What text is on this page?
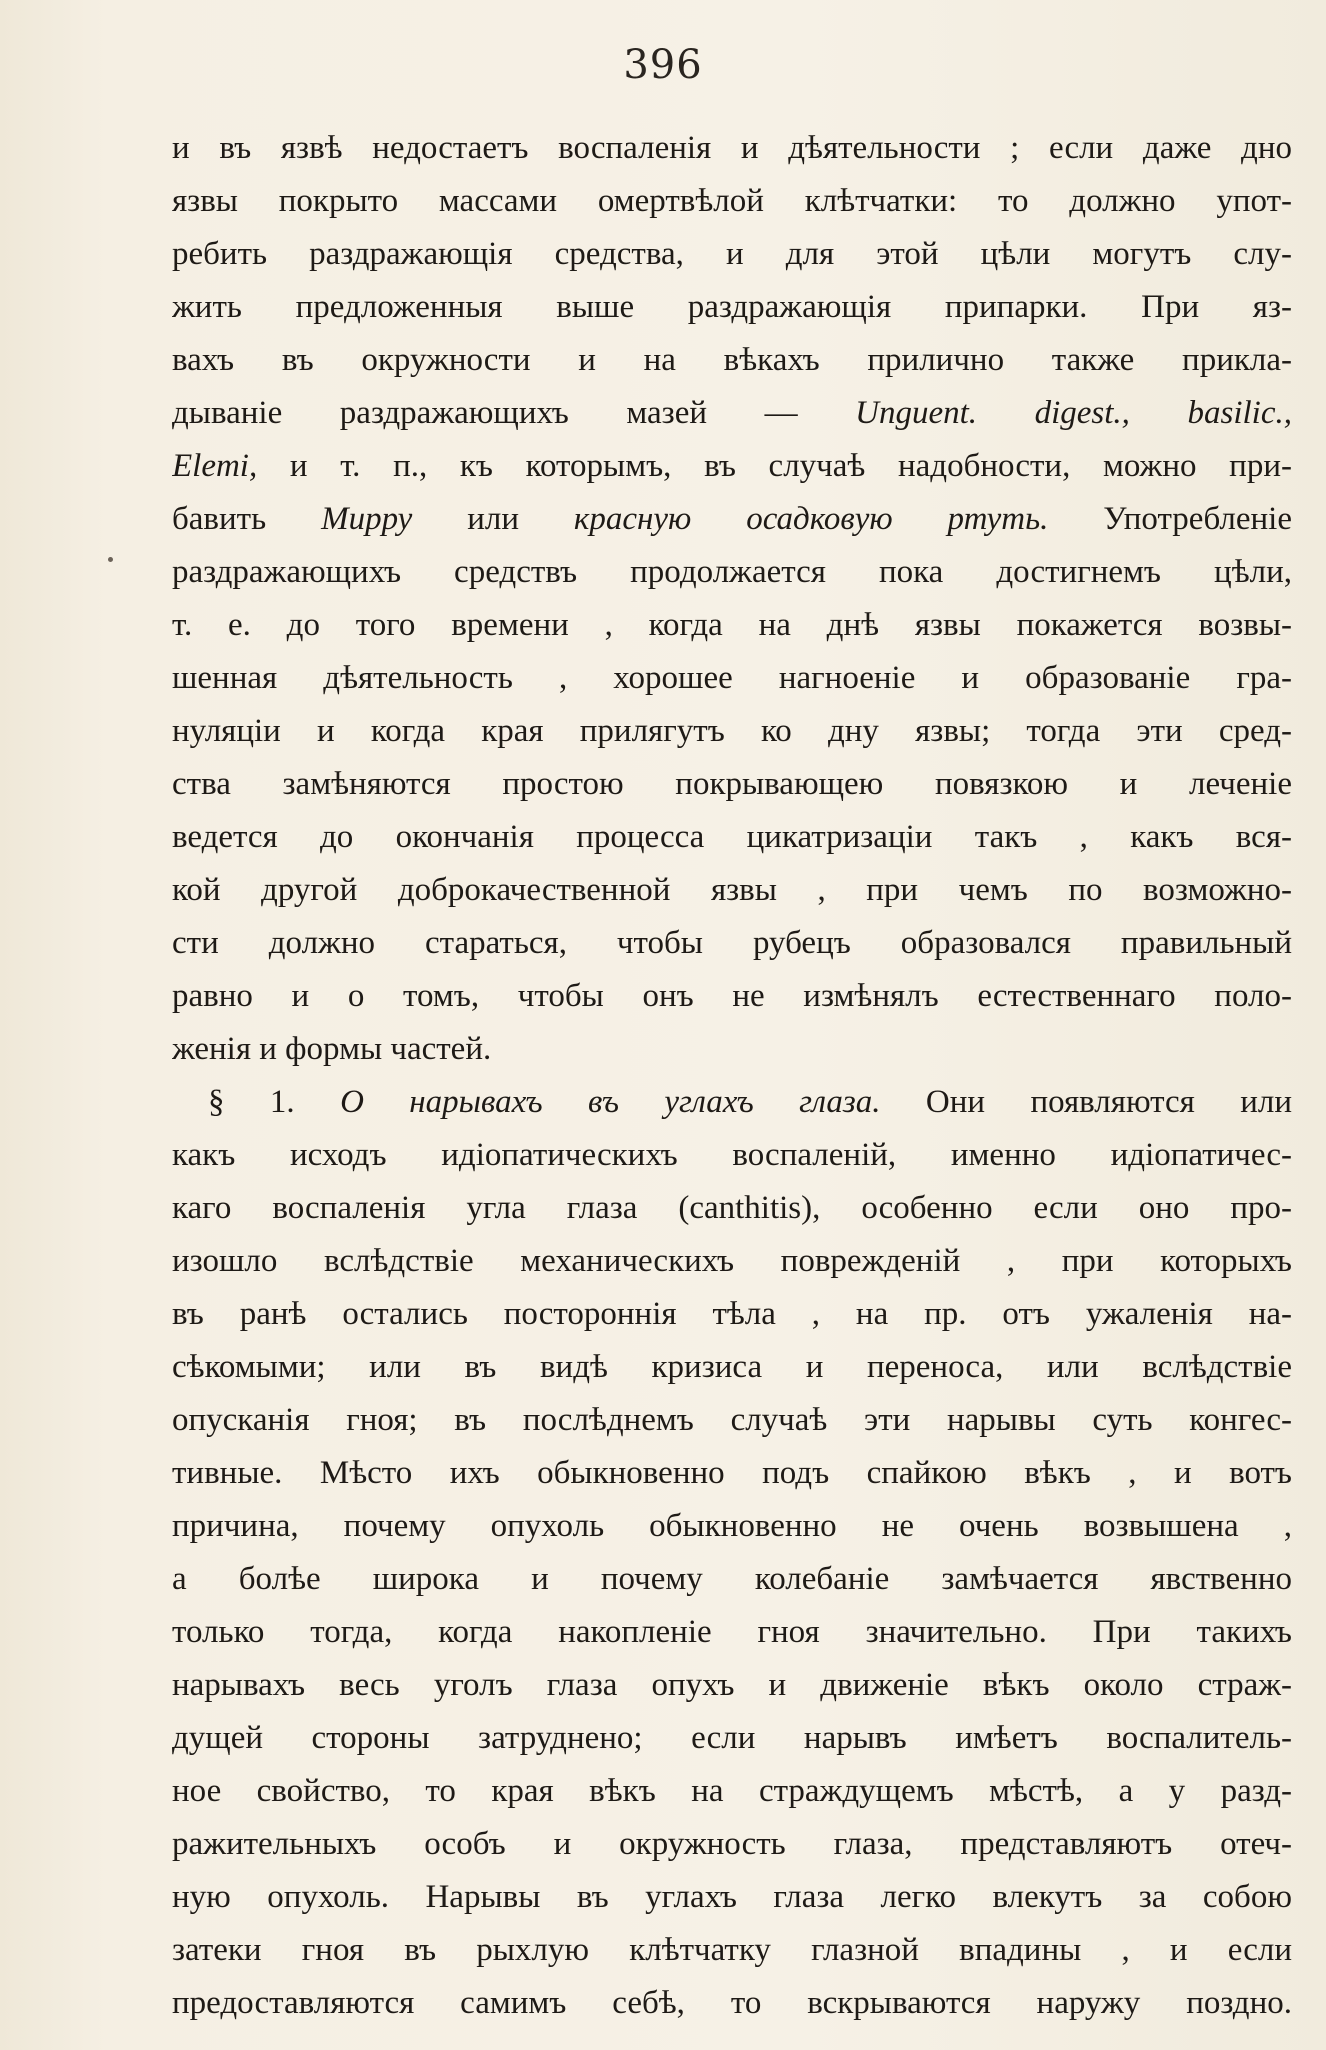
396
и въ язвѣ недостаетъ воспаленія и дѣятельности ; если даже дно
язвы покрыто массами омертвѣлой клѣтчатки: то должно упот-
ребить раздражающія средства, и для этой цѣли могутъ слу-
жить предложенныя выше раздражающія припарки. При яз-
вахъ въ окружности и на вѣкахъ прилично также прикла-
дываніе раздражающихъ мазей — Unguent. digest., basilic.,
Elemi, и т. п., къ которымъ, въ случаѣ надобности, можно при-
бавить Мирру или красную осадковую ртуть. Употребленіе
раздражающихъ средствъ продолжается пока достигнемъ цѣли,
т. е. до того времени , когда на днѣ язвы покажется возвы-
шенная дѣятельность , хорошее нагноеніе и образованіе гра-
нуляціи и когда края прилягутъ ко дну язвы; тогда эти сред-
ства замѣняются простою покрывающею повязкою и леченіе
ведется до окончанія процесса цикатризаціи такъ , какъ вся-
кой другой доброкачественной язвы , при чемъ по возможно-
сти должно стараться, чтобы рубецъ образовался правильный
равно и о томъ, чтобы онъ не измѣнялъ естественнаго поло-
женія и формы частей.
§ 1. О нарывахъ въ углахъ глаза. Они появляются или
какъ исходъ идіопатическихъ воспаленій, именно идіопатичес-
каго воспаленія угла глаза (canthitis), особенно если оно про-
изошло вслѣдствіе механическихъ поврежденій , при которыхъ
въ ранѣ остались постороннія тѣла , на пр. отъ ужаленія на-
сѣкомыми; или въ видѣ кризиса и переноса, или вслѣдствіе
опусканія гноя; въ послѣднемъ случаѣ эти нарывы суть конгес-
тивные. Мѣсто ихъ обыкновенно подъ спайкою вѣкъ , и вотъ
причина, почему опухоль обыкновенно не очень возвышена ,
а болѣе широка и почему колебаніе замѣчается явственно
только тогда, когда накопленіе гноя значительно. При такихъ
нарывахъ весь уголъ глаза опухъ и движеніе вѣкъ около страж-
дущей стороны затруднено; если нарывъ имѣетъ воспалитель-
ное свойство, то края вѣкъ на страждущемъ мѣстѣ, а у разд-
ражительныхъ особъ и окружность глаза, представляютъ отеч-
ную опухоль. Нарывы въ углахъ глаза легко влекутъ за собою
затеки гноя въ рыхлую клѣтчатку глазной впадины , и если
предоставляются самимъ себѣ, то вскрываются наружу поздно.
